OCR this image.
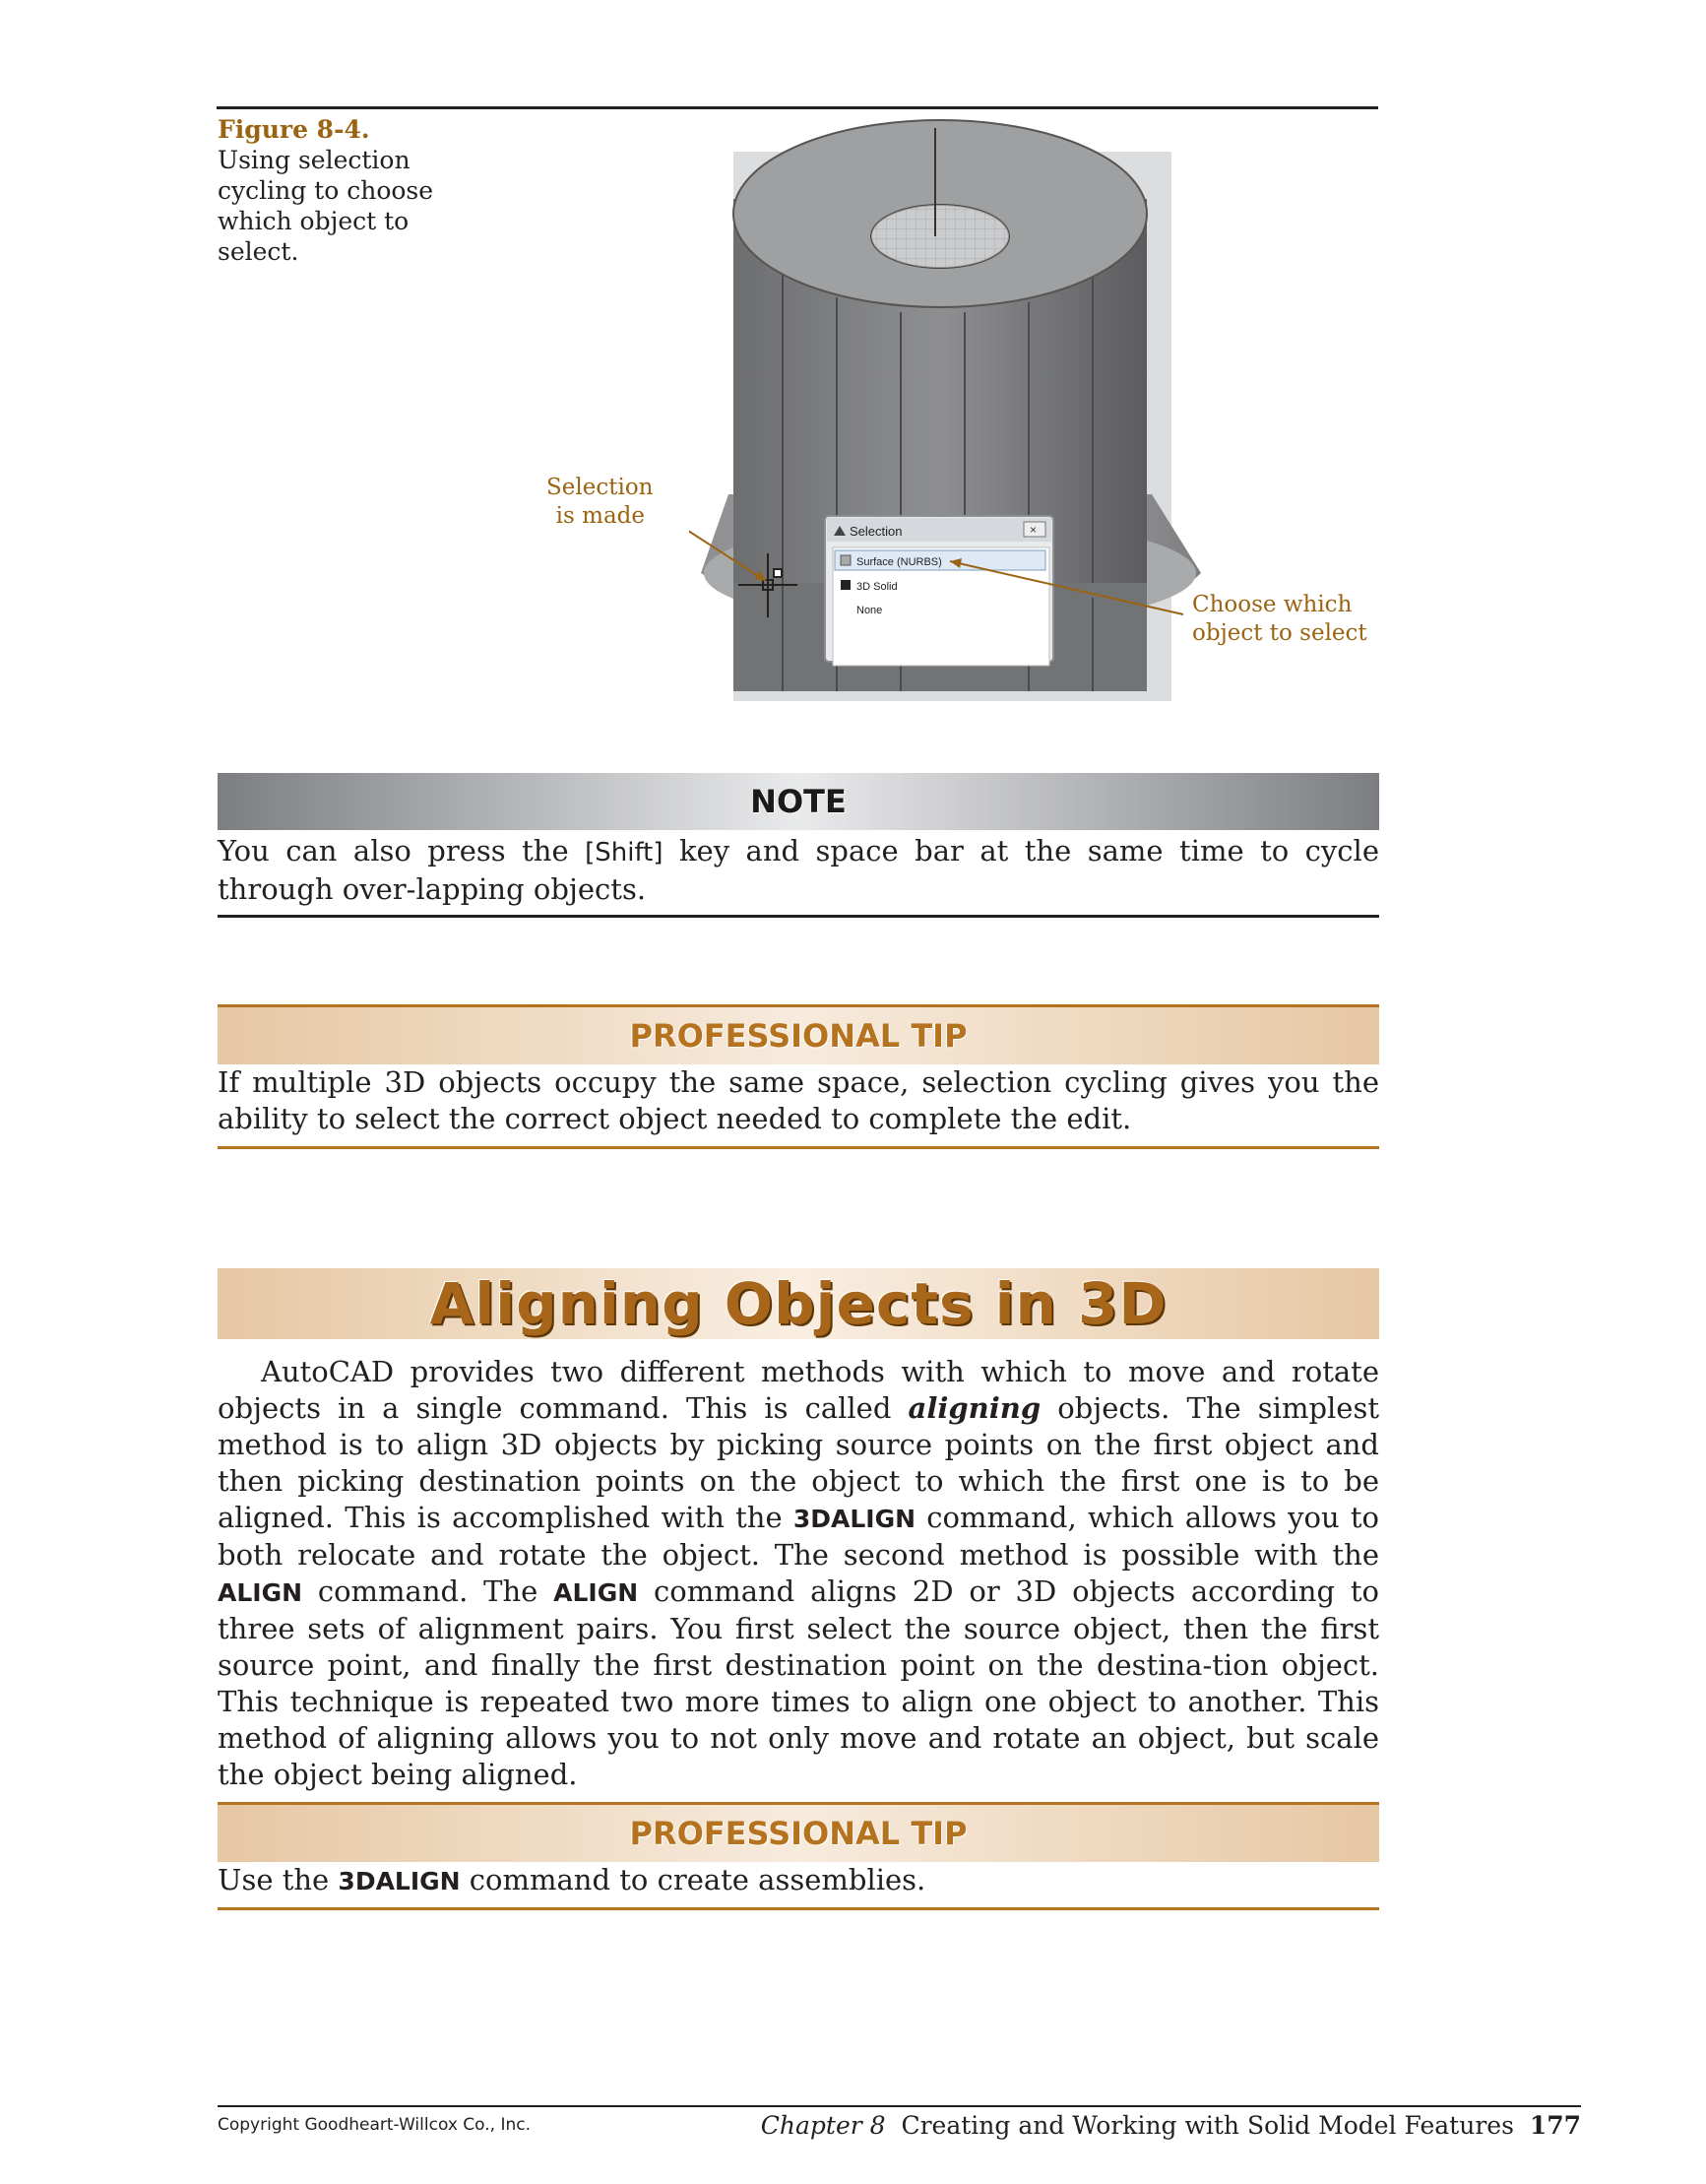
Figure 8-4.
Using selection cycling to choose which object to select.
Selection	×
Surface (NURBS)
3D Solid
None
Selection
is made
Choose which
object to select
NOTE
You can also press the [Shift] key and space bar at the same time to cycle through over-lapping objects.
PROFESSIONAL TIP
If multiple 3D objects occupy the same space, selection cycling gives you the ability to select the correct object needed to complete the edit.
Aligning Objects in 3D
AutoCAD provides two different methods with which to move and rotate objects in a single command. This is called aligning objects. The simplest method is to align 3D objects by picking source points on the first object and then picking destination points on the object to which the first one is to be aligned. This is accomplished with the 3DALIGN command, which allows you to both relocate and rotate the object. The second method is possible with the ALIGN command. The ALIGN command aligns 2D or 3D objects according to three sets of alignment pairs. You first select the source object, then the first source point, and finally the first destination point on the destina-tion object. This technique is repeated two more times to align one object to another. This method of aligning allows you to not only move and rotate an object, but scale the object being aligned.
PROFESSIONAL TIP
Use the 3DALIGN command to create assemblies.
Copyright Goodheart-Willcox Co., Inc.	Chapter 8 Creating and Working with Solid Model Features 177
